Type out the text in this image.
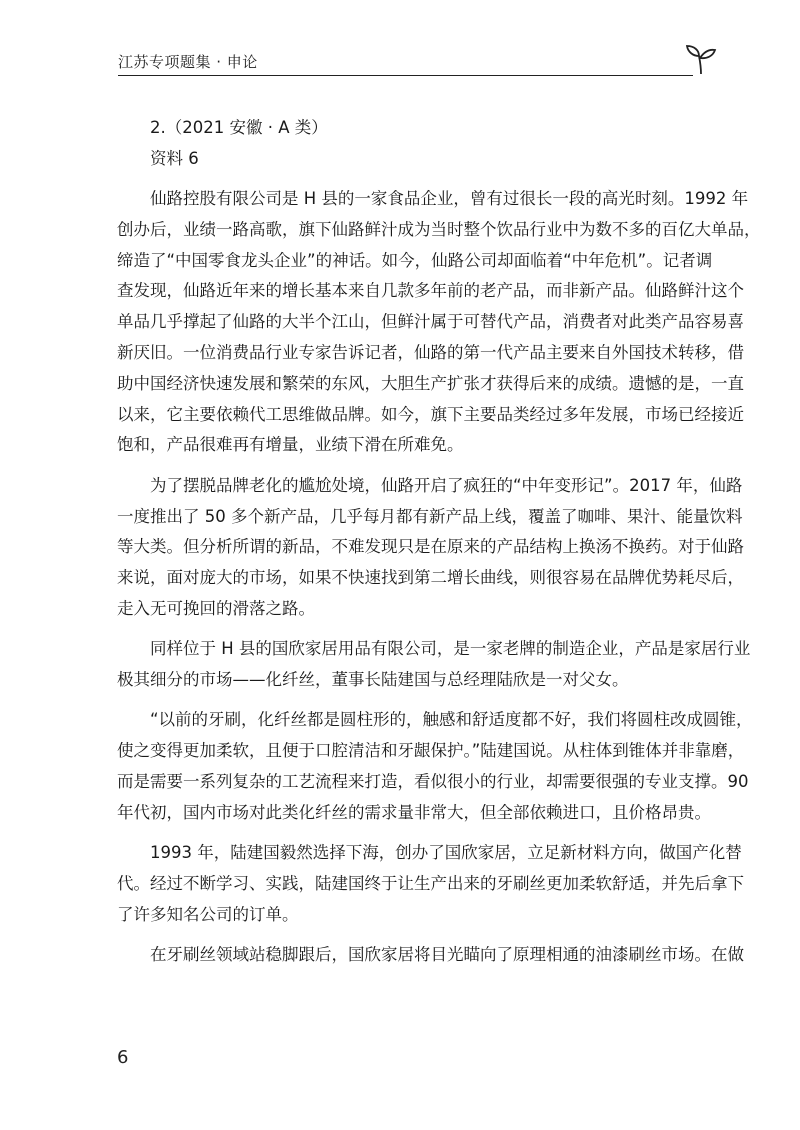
江苏专项题集 · 申论
2.（2021 安徽 · A 类）
资料 6
仙路控股有限公司是 H 县的一家食品企业，曾有过很长一段的高光时刻。1992 年
创办后，业绩一路高歌，旗下仙路鲜汁成为当时整个饮品行业中为数不多的百亿大单品，
缔造了“中国零食龙头企业”的神话。如今，仙路公司却面临着“中年危机”。记者调
查发现，仙路近年来的增长基本来自几款多年前的老产品，而非新产品。仙路鲜汁这个
单品几乎撑起了仙路的大半个江山，但鲜汁属于可替代产品，消费者对此类产品容易喜
新厌旧。一位消费品行业专家告诉记者，仙路的第一代产品主要来自外国技术转移，借
助中国经济快速发展和繁荣的东风，大胆生产扩张才获得后来的成绩。遗憾的是，一直
以来，它主要依赖代工思维做品牌。如今，旗下主要品类经过多年发展，市场已经接近
饱和，产品很难再有增量，业绩下滑在所难免。
为了摆脱品牌老化的尴尬处境，仙路开启了疯狂的“中年变形记”。2017 年，仙路
一度推出了 50 多个新产品，几乎每月都有新产品上线，覆盖了咖啡、果汁、能量饮料
等大类。但分析所谓的新品，不难发现只是在原来的产品结构上换汤不换药。对于仙路
来说，面对庞大的市场，如果不快速找到第二增长曲线，则很容易在品牌优势耗尽后，
走入无可挽回的滑落之路。
同样位于 H 县的国欣家居用品有限公司，是一家老牌的制造企业，产品是家居行业
极其细分的市场——化纤丝，董事长陆建国与总经理陆欣是一对父女。
“以前的牙刷，化纤丝都是圆柱形的，触感和舒适度都不好，我们将圆柱改成圆锥，
使之变得更加柔软，且便于口腔清洁和牙龈保护。”陆建国说。从柱体到锥体并非靠磨，
而是需要一系列复杂的工艺流程来打造，看似很小的行业，却需要很强的专业支撑。90
年代初，国内市场对此类化纤丝的需求量非常大，但全部依赖进口，且价格昂贵。
1993 年，陆建国毅然选择下海，创办了国欣家居，立足新材料方向，做国产化替
代。经过不断学习、实践，陆建国终于让生产出来的牙刷丝更加柔软舒适，并先后拿下
了许多知名公司的订单。
在牙刷丝领域站稳脚跟后，国欣家居将目光瞄向了原理相通的油漆刷丝市场。在做
6
